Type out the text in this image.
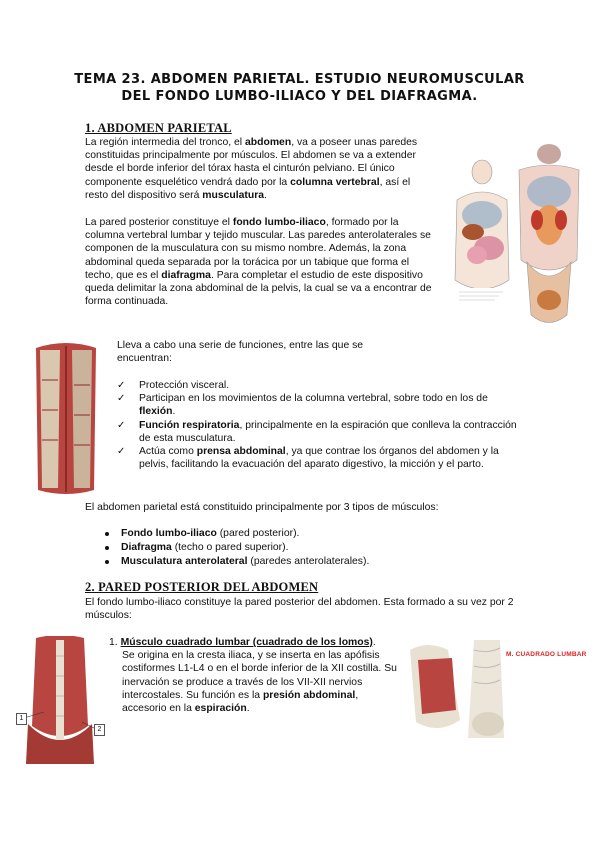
TEMA 23. ABDOMEN PARIETAL. ESTUDIO NEUROMUSCULAR
DEL FONDO LUMBO-ILIACO Y DEL DIAFRAGMA.
1. ABDOMEN PARIETAL

La región intermedia del tronco, el abdomen, va a poseer unas paredes constituidas principalmente por músculos. El abdomen se va a extender desde el borde inferior del tórax hasta el cinturón pelviano. El único componente esquelético vendrá dado por la columna vertebral, así el resto del dispositivo será musculatura.

La pared posterior constituye el fondo lumbo-iliaco, formado por la columna vertebral lumbar y tejido muscular. Las paredes anterolaterales se componen de la musculatura con su mismo nombre. Además, la zona abdominal queda separada por la torácica por un tabique que forma el techo, que es el diafragma. Para completar el estudio de este dispositivo queda delimitar la zona abdominal de la pelvis, la cual se va a encontrar de forma continuada.

Lleva a cabo una serie de funciones, entre las que se encuentran:

✓ Protección visceral.
✓ Participan en los movimientos de la columna vertebral, sobre todo en los de flexión.
✓ Función respiratoria, principalmente en la espiración que conlleva la contracción de esta musculatura.
✓ Actúa como prensa abdominal, ya que contrae los órganos del abdomen y la pelvis, facilitando la evacuación del aparato digestivo, la micción y el parto.

El abdomen parietal está constituido principalmente por 3 tipos de músculos:

Fondo lumbo-iliaco (pared posterior).
Diafragma (techo o pared superior).
Musculatura anterolateral (paredes anterolaterales).
2. PARED POSTERIOR DEL ABDOMEN

El fondo lumbo-iliaco constituye la pared posterior del abdomen. Esta formado a su vez por 2 músculos:

1. Músculo cuadrado lumbar (cuadrado de los lomos).

Se origina en la cresta iliaca, y se inserta en las apófisis costiformes L1-L4 o en el borde inferior de la XII costilla. Su inervación se produce a través de los VII-XII nervios intercostales. Su función es la presión abdominal, accesorio en la espiración.

1
2
M. CUADRADO LUMBAR
